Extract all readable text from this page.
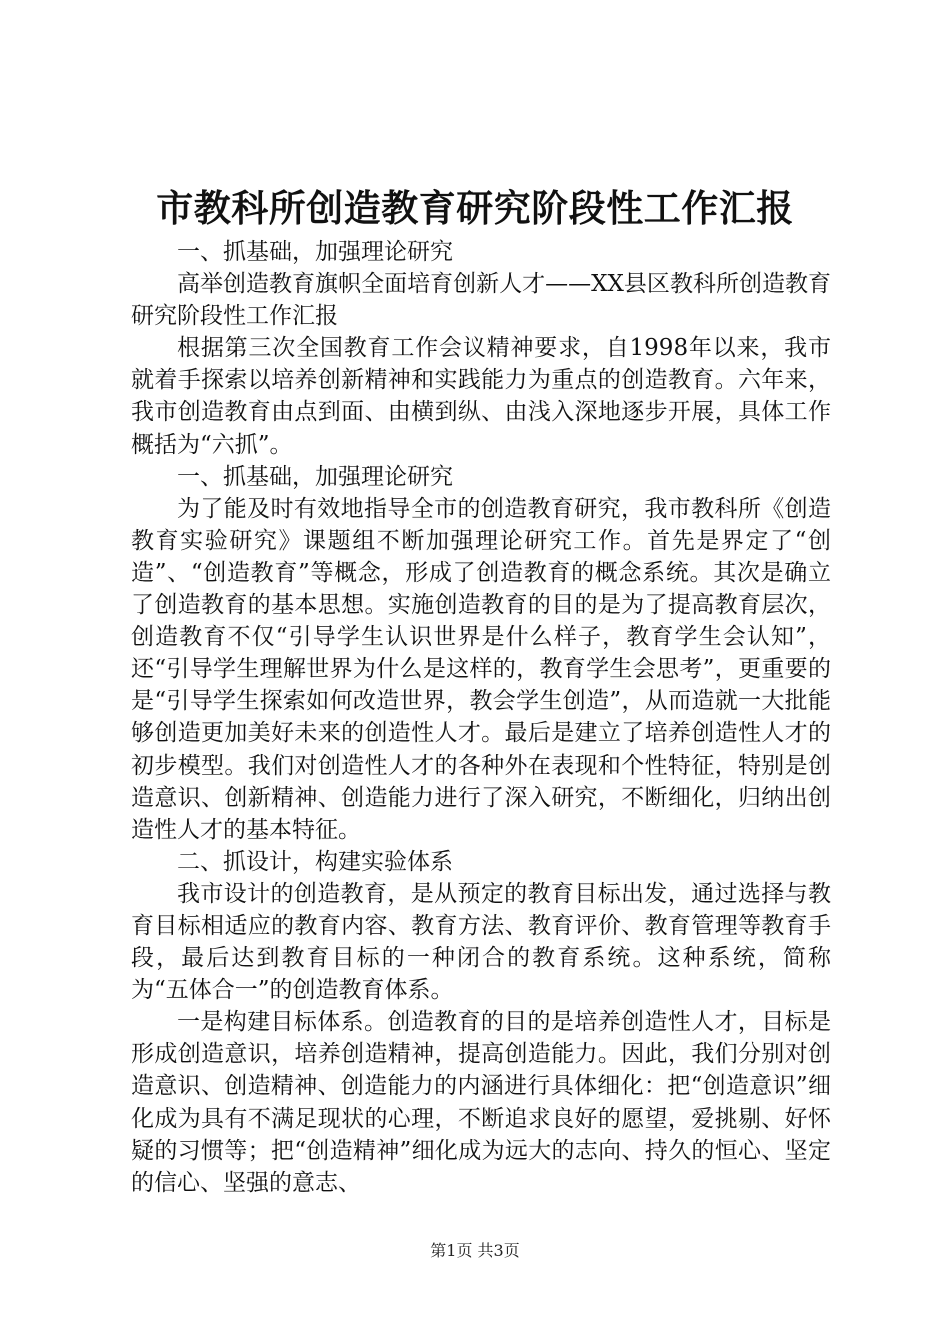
市教科所创造教育研究阶段性工作汇报

一、抓基础，加强理论研究

高举创造教育旗帜全面培育创新人才——XX县区教科所创造教育研究阶段性工作汇报

根据第三次全国教育工作会议精神要求，自1998年以来，我市就着手探索以培养创新精神和实践能力为重点的创造教育。六年来，我市创造教育由点到面、由横到纵、由浅入深地逐步开展，具体工作概括为“六抓”。

一、抓基础，加强理论研究

为了能及时有效地指导全市的创造教育研究，我市教科所《创造教育实验研究》课题组不断加强理论研究工作。首先是界定了“创造”、“创造教育”等概念，形成了创造教育的概念系统。其次是确立了创造教育的基本思想。实施创造教育的目的是为了提高教育层次，创造教育不仅“引导学生认识世界是什么样子，教育学生会认知”，还“引导学生理解世界为什么是这样的，教育学生会思考”，更重要的是“引导学生探索如何改造世界，教会学生创造”，从而造就一大批能够创造更加美好未来的创造性人才。最后是建立了培养创造性人才的初步模型。我们对创造性人才的各种外在表现和个性特征，特别是创造意识、创新精神、创造能力进行了深入研究，不断细化，归纳出创造性人才的基本特征。

二、抓设计，构建实验体系

我市设计的创造教育，是从预定的教育目标出发，通过选择与教育目标相适应的教育内容、教育方法、教育评价、教育管理等教育手段，最后达到教育目标的一种闭合的教育系统。这种系统，简称为“五体合一”的创造教育体系。

一是构建目标体系。创造教育的目的是培养创造性人才，目标是形成创造意识，培养创造精神，提高创造能力。因此，我们分别对创造意识、创造精神、创造能力的内涵进行具体细化：把“创造意识”细化成为具有不满足现状的心理，不断追求良好的愿望，爱挑剔、好怀疑的习惯等；把“创造精神”细化成为远大的志向、持久的恒心、坚定的信心、坚强的意志、

第1页 共3页
